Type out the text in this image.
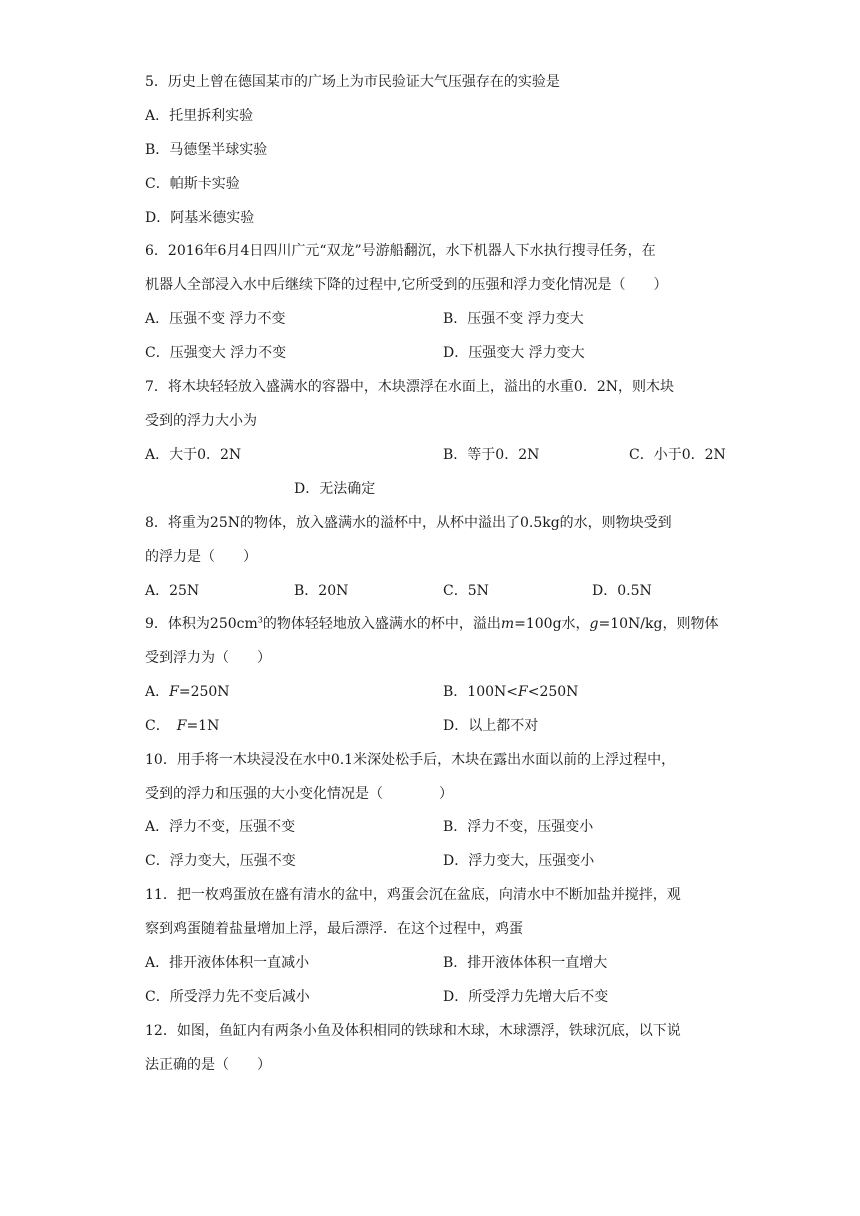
5．历史上曾在德国某市的广场上为市民验证大气压强存在的实验是
A．托里拆利实验
B．马德堡半球实验
C．帕斯卡实验
D．阿基米德实验
6．2016年6月4日四川广元“双龙”号游船翻沉，水下机器人下水执行搜寻任务，在
机器人全部浸入水中后继续下降的过程中,它所受到的压强和浮力变化情况是（　　）
A．压强不变 浮力不变	B．压强不变 浮力变大
C．压强变大 浮力不变	D．压强变大 浮力变大
7．将木块轻轻放入盛满水的容器中，木块漂浮在水面上，溢出的水重0．2N，则木块
受到的浮力大小为
A．大于0．2N	B．等于0．2N	C．小于0．2N
D．无法确定
8．将重为25N的物体，放入盛满水的溢杯中，从杯中溢出了0.5kg的水，则物块受到
的浮力是（　　）
A．25N	B．20N	C．5N	D．0.5N
9．体积为$250cm^3$的物体轻轻地放入盛满水的杯中，溢出m=100g水，g=10N/kg，则物体
受到浮力为（　　）
A．F=250N	B．100N<F<250N
C．　F=1N	D．以上都不对
10．用手将一木块浸没在水中0.1米深处松手后，木块在露出水面以前的上浮过程中，
受到的浮力和压强的大小变化情况是（　　　　）
A．浮力不变，压强不变	B．浮力不变，压强变小
C．浮力变大，压强不变	D．浮力变大，压强变小
11．把一枚鸡蛋放在盛有清水的盆中，鸡蛋会沉在盆底，向清水中不断加盐并搅拌，观
察到鸡蛋随着盐量增加上浮，最后漂浮．在这个过程中，鸡蛋
A．排开液体体积一直减小	B．排开液体体积一直增大
C．所受浮力先不变后减小	D．所受浮力先增大后不变
12．如图，鱼缸内有两条小鱼及体积相同的铁球和木球，木球漂浮，铁球沉底，以下说
法正确的是（　　）
